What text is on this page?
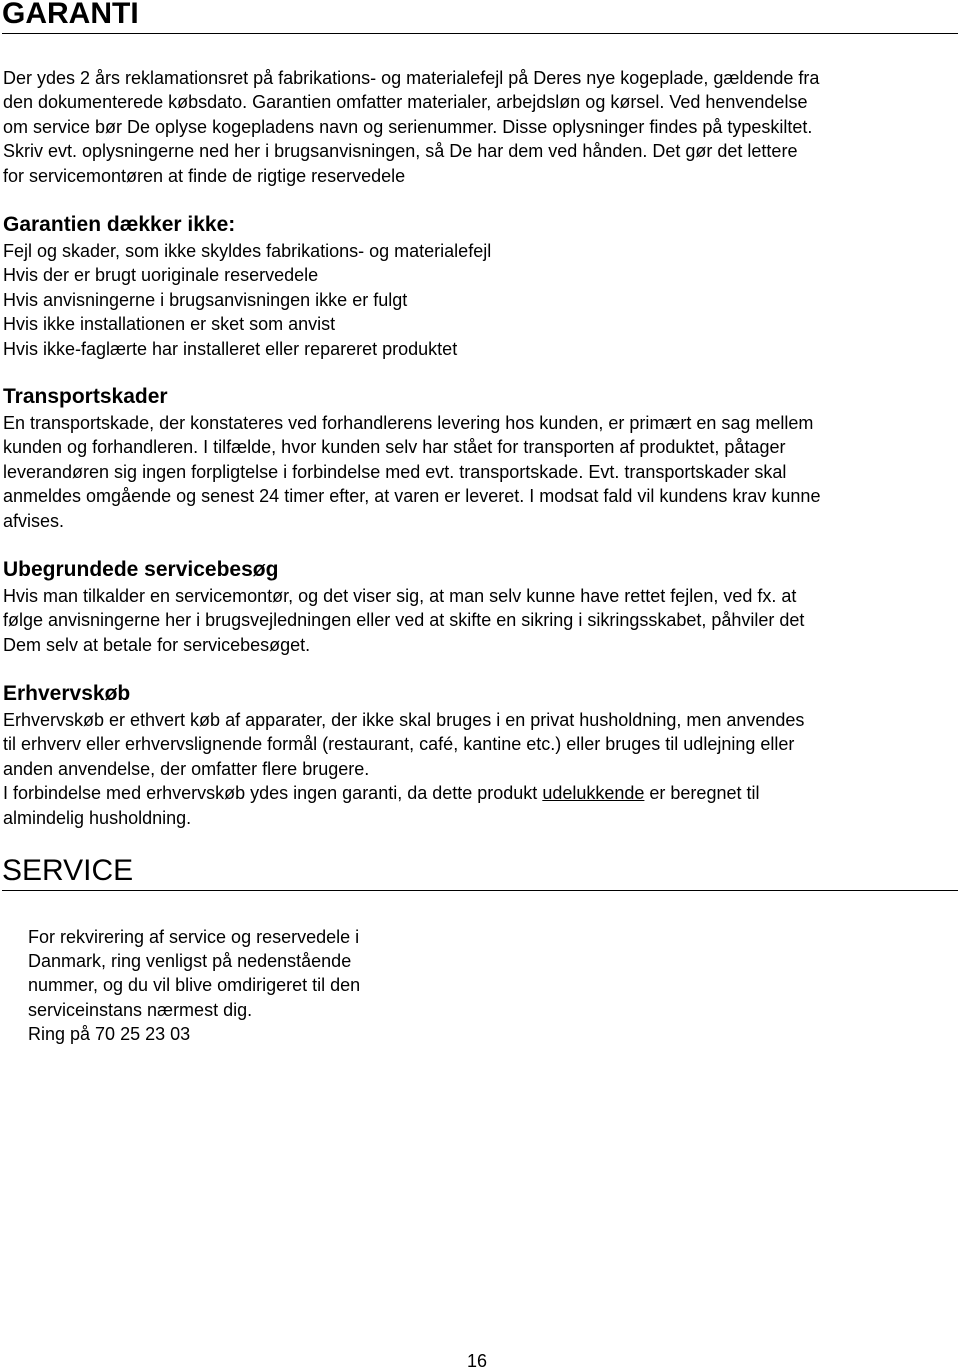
GARANTI
Der ydes 2 års reklamationsret på fabrikations- og materialefejl på Deres nye kogeplade, gældende fra
den dokumenterede købsdato. Garantien omfatter materialer, arbejdsløn og kørsel. Ved henvendelse
om service bør De oplyse kogepladens navn og serienummer. Disse oplysninger findes på typeskiltet.
Skriv evt. oplysningerne ned her i brugsanvisningen, så De har dem ved hånden. Det gør det lettere
for servicemontøren at finde de rigtige reservedele
Garantien dækker ikke:
Fejl og skader, som ikke skyldes fabrikations- og materialefejl
Hvis der er brugt uoriginale reservedele
Hvis anvisningerne i brugsanvisningen ikke er fulgt
Hvis ikke installationen er sket som anvist
Hvis ikke-faglærte har installeret eller repareret produktet
Transportskader
En transportskade, der konstateres ved forhandlerens levering hos kunden, er primært en sag mellem
kunden og forhandleren. I tilfælde, hvor kunden selv har stået for transporten af produktet, påtager
leverandøren sig ingen forpligtelse i forbindelse med evt. transportskade. Evt. transportskader skal
anmeldes omgående og senest 24 timer efter, at varen er leveret. I modsat fald vil kundens krav kunne
afvises.
Ubegrundede servicebesøg
Hvis man tilkalder en servicemontør, og det viser sig, at man selv kunne have rettet fejlen, ved fx. at
følge anvisningerne her i brugsvejledningen eller ved at skifte en sikring i sikringsskabet, påhviler det
Dem selv at betale for servicebesøget.
Erhvervskøb
Erhvervskøb er ethvert køb af apparater, der ikke skal bruges i en privat husholdning, men anvendes
til erhverv eller erhvervslignende formål (restaurant, café, kantine etc.) eller bruges til udlejning eller
anden anvendelse, der omfatter flere brugere.
I forbindelse med erhvervskøb ydes ingen garanti, da dette produkt udelukkende er beregnet til
almindelig husholdning.
SERVICE
For rekvirering af service og reservedele i
Danmark, ring venligst på nedenstående
nummer, og du vil blive omdirigeret til den
serviceinstans nærmest dig.
Ring på 70 25 23 03
16
